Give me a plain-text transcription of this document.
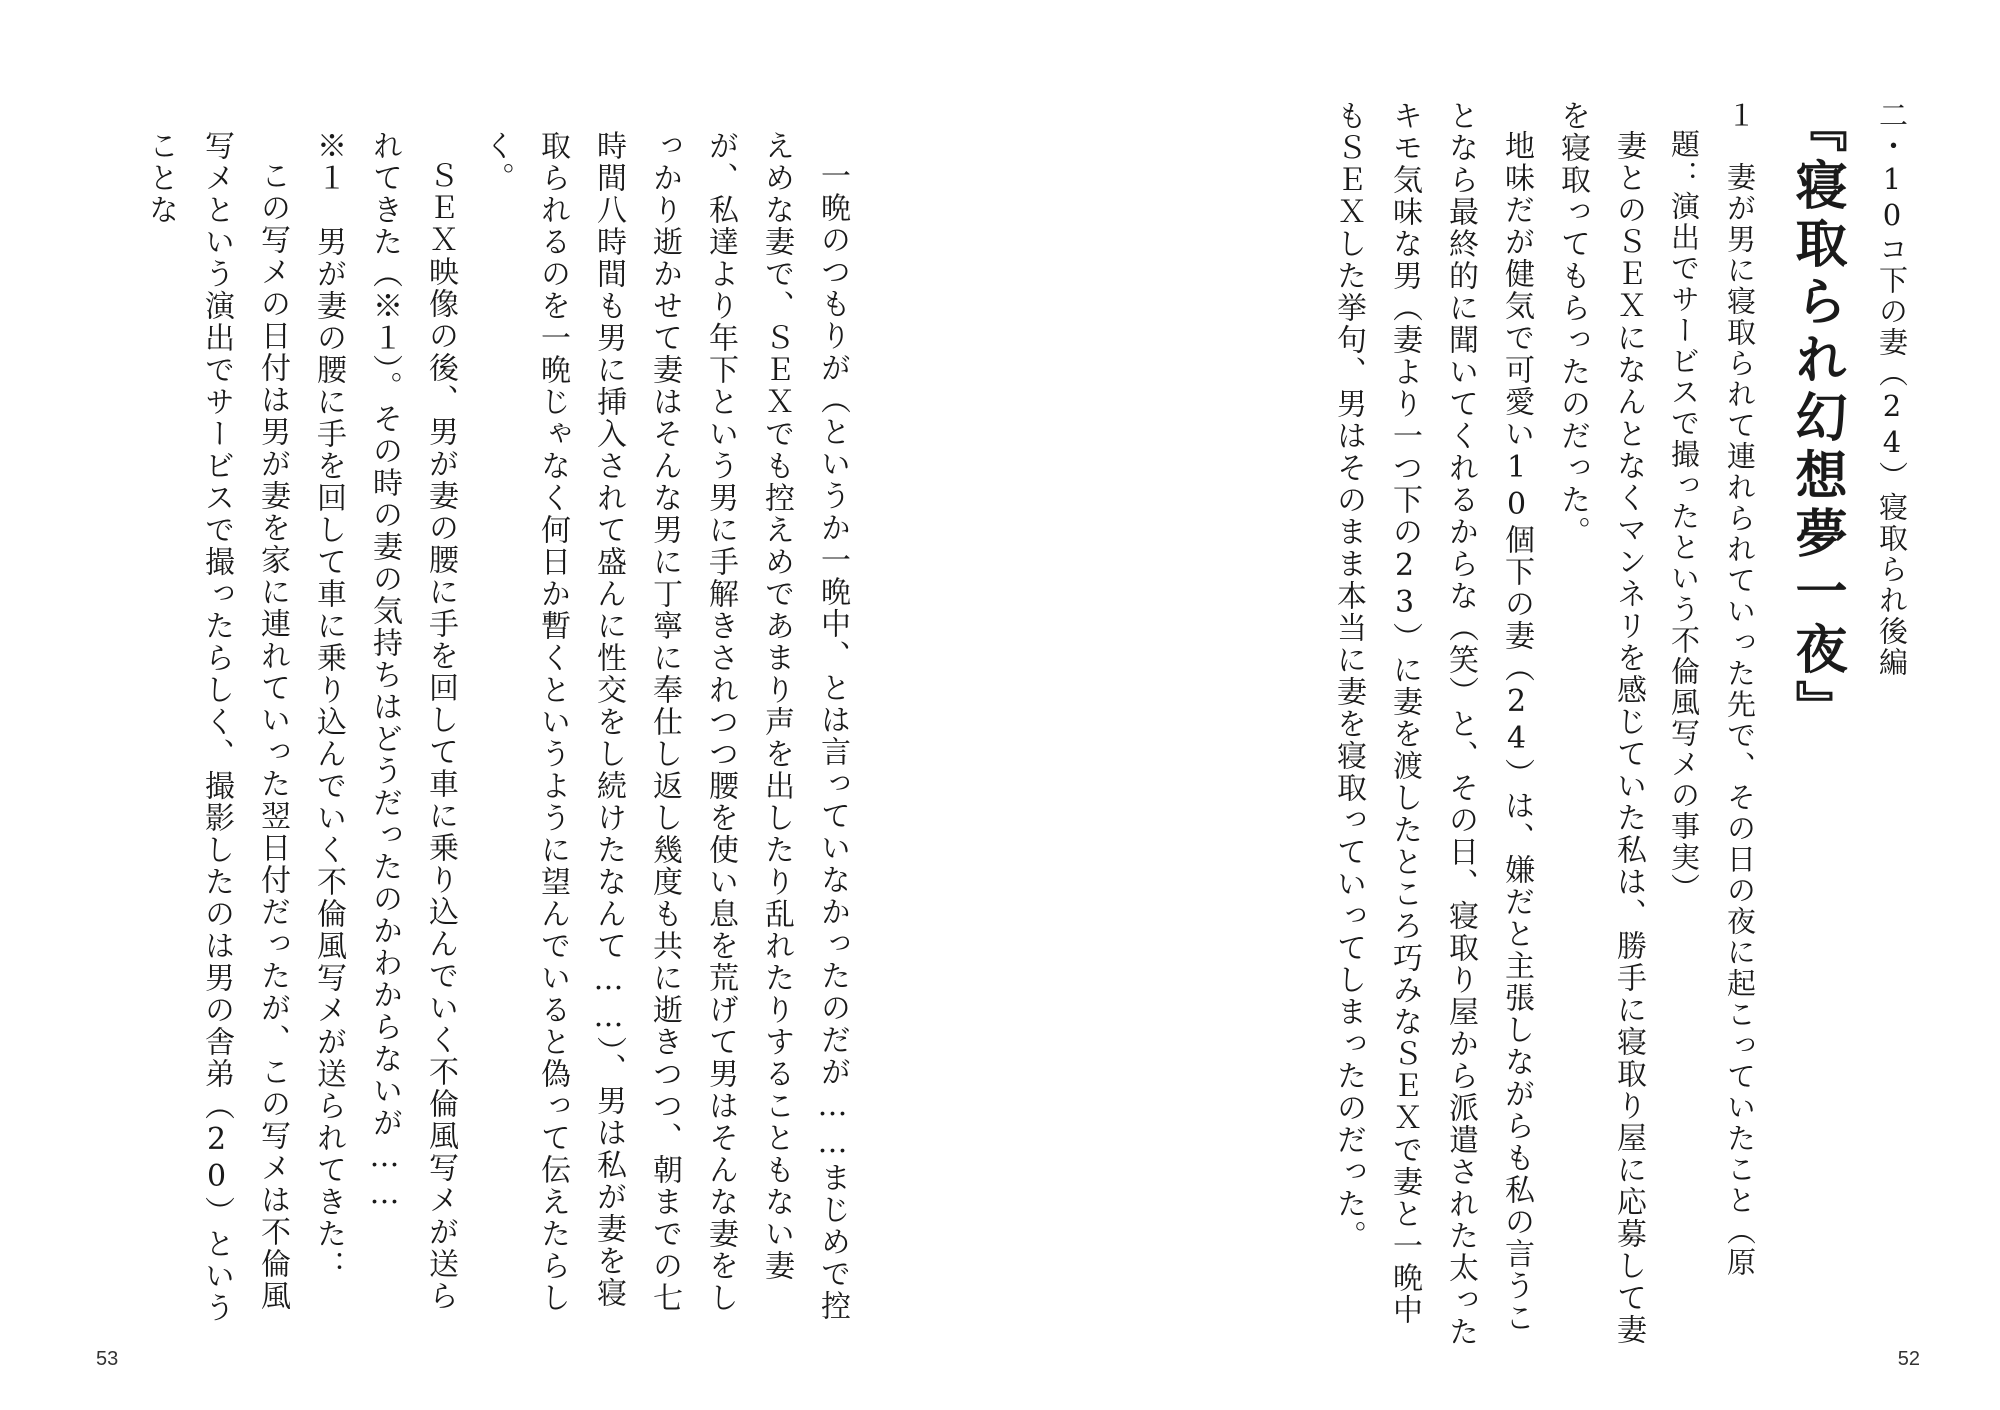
二・10コ下の妻（24）寝取られ後編
『寝取られ幻想夢一夜』
１　妻が男に寝取られて連れられていった先で、その日の夜に起こっていたこと（原
題：演出でサービスで撮ったという不倫風写メの事実）

妻とのＳＥＸになんとなくマンネリを感じていた私は、勝手に寝取り屋に応募して妻を寝取ってもらったのだった。

地味だが健気で可愛い10個下の妻（24）は、嫌だと主張しながらも私の言うことなら最終的に聞いてくれるからな（笑）と、その日、寝取り屋から派遣された太ったキモ気味な男（妻より一つ下の23）に妻を渡したところ巧みなＳＥＸで妻と一晩中もＳＥＸした挙句、男はそのまま本当に妻を寝取っていってしまったのだった。

52

一晩のつもりが（というか一晩中、とは言っていなかったのだが……まじめで控えめな妻で、ＳＥＸでも控えめであまり声を出したり乱れたりすることもない妻が、私達より年下という男に手解きされつつ腰を使い息を荒げて男はそんな妻をしっかり逝かせて妻はそんな男に丁寧に奉仕し返し幾度も共に逝きつつ、朝までの七時間八時間も男に挿入されて盛んに性交をし続けたなんて……）、男は私が妻を寝取られるのを一晩じゃなく何日か暫くというように望んでいると偽って伝えたらしく。

ＳＥＸ映像の後、男が妻の腰に手を回して車に乗り込んでいく不倫風写メが送られてきた（※１）。その時の妻の気持ちはどうだったのかわからないが……

※１　男が妻の腰に手を回して車に乗り込んでいく不倫風写メが送られてきた：

この写メの日付は男が妻を家に連れていった翌日付だったが、この写メは不倫風写メという演出でサービスで撮ったらしく、撮影したのは男の舎弟（20）ということな

53
